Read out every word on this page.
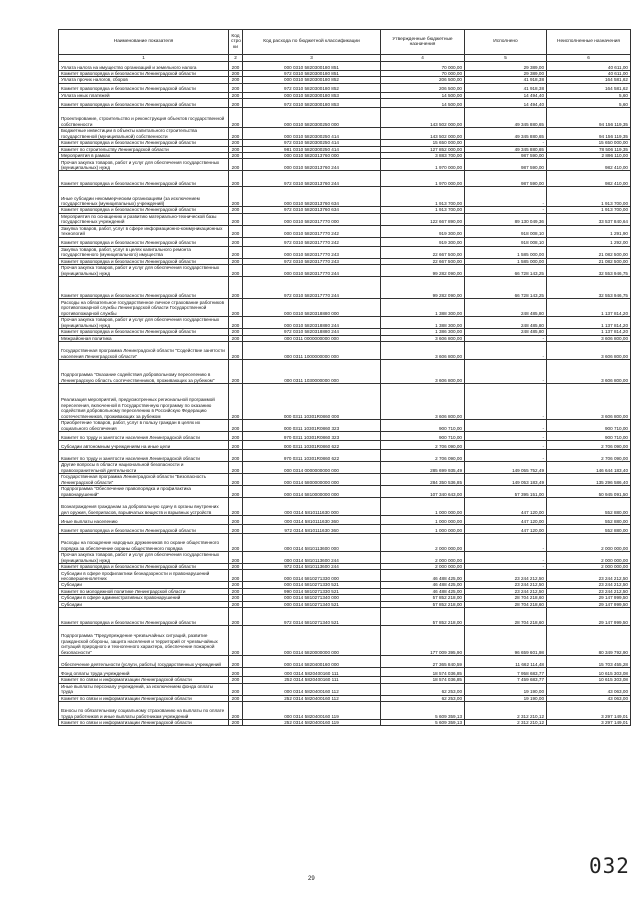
Наименование показателя	Код стро ки	Код расхода по бюджетной классификации	Утвержденные бюджетные назначения	Исполнено	Неисполненные назначения
1	2	3	4	5	6
Уплата налога на имущество организаций и земельного налога	200	000 0310 5820300180 851	70 000,00	29 389,00	40 611,00
Комитет правопорядка и безопасности Ленинградской области	200	972 0310 5820300180 851	70 000,00	29 389,00	40 611,00
Уплата прочих налогов, сборов	200	000 0310 5820300180 852	206 500,00	41 918,38	164 581,62
Комитет правопорядка и безопасности Ленинградской области	200	972 0310 5820300180 852	206 500,00	41 918,38	164 581,62
Уплата иных платежей	200	000 0310 5820300180 853	14 500,00	14 494,40	5,60
Комитет правопорядка и безопасности Ленинградской области	200	972 0310 5820300180 853	14 500,00	14 494,40	5,60
Проектирование, строительство и реконструкция объектов государственной собственности	200	000 0310 5820300250 000	143 502 000,00	49 345 880,65	94 156 119,35
Бюджетные инвестиции в объекты капитального строительства государственной (муниципальной) собственности	200	000 0310 5820300250 414	143 502 000,00	49 345 880,65	94 156 119,35
Комитет правопорядка и безопасности Ленинградской области	200	972 0310 5820300250 414	15 650 000,00	-	15 650 000,00
Комитет по строительству Ленинградской области	200	981 0310 5820300250 414	127 852 000,00	49 345 880,65	78 506 119,35
Мероприятия в рамках	200	000 0310 5820313760 000	3 883 700,00	987 590,00	2 896 110,00
Прочая закупка товаров, работ и услуг для обеспечения государственных (муниципальных) нужд	200	000 0310 5820313760 244	1 970 000,00	987 590,00	982 410,00
Комитет правопорядка и безопасности Ленинградской области	200	972 0310 5820313760 244	1 970 000,00	987 590,00	982 410,00
Иные субсидии некоммерческим организациям (за исключением государственных (муниципальных) учреждений)	200	000 0310 5820313760 634	1 913 700,00	-	1 913 700,00
Комитет правопорядка и безопасности Ленинградской области	200	972 0310 5820313760 634	1 913 700,00	-	1 913 700,00
Мероприятия по оснащению и развитию материально-технической базы государственных учреждений	200	000 0310 5820317770 000	122 667 890,00	89 130 049,36	33 537 840,64
Закупка товаров, работ, услуг в сфере информационно-коммуникационных технологий	200	000 0310 5820317770 242	919 300,00	918 008,10	1 291,90
Комитет правопорядка и безопасности Ленинградской области	200	972 0310 5820317770 242	919 300,00	918 008,10	1 292,00
Закупка товаров, работ, услуг в целях капитального ремонта государственного (муниципального) имущества	200	000 0310 5820317770 243	22 667 500,00	1 585 000,00	21 082 500,00
Комитет правопорядка и безопасности Ленинградской области	200	972 0310 5820317770 243	22 667 500,00	1 585 000,00	21 082 500,00
Прочая закупка товаров, работ и услуг для обеспечения государственных (муниципальных) нужд	200	000 0310 5820317770 244	99 282 090,00	66 728 143,25	32 553 946,75
Комитет правопорядка и безопасности Ленинградской области	200	972 0310 5820317770 244	99 282 090,00	66 728 143,25	32 553 946,75
Расходы на обязательное государственное личное страхование работников противопожарной службы Ленинградской области Государственной противопожарной службы	200	000 0310 5820318880 000	1 388 300,00	248 485,80	1 137 814,20
Прочая закупка товаров, работ и услуг для обеспечения государственных (муниципальных) нужд	200	000 0310 5820318880 244	1 388 300,00	248 485,80	1 137 814,20
Комитет правопорядка и безопасности Ленинградской области	200	972 0310 5820318880 244	1 386 300,00	248 485,80	1 137 814,20
Межрайонная политика	200	000 0311 0000000000 000	3 606 800,00	-	3 606 800,00
Государственная программа Ленинградской области "Содействие занятости населения Ленинградской области"	200	000 0311 1000000000 000	3 606 800,00	-	3 606 800,00
Подпрограмма "Оказание содействия добровольному переселению в Ленинградскую область соотечественников, проживающих за рубежом"	200	000 0311 1030000000 000	3 606 800,00	-	3 606 800,00
Реализация мероприятий, предусмотренных региональной программой переселения, включенной в Государственную программу по оказанию содействия добровольному переселению в Российскую Федерацию соотечественников, проживающих за рубежом	200	000 0311 10301R0860 000	3 606 800,00	-	3 606 800,00
Приобретение товаров, работ, услуг в пользу граждан в целях их социального обеспечения	200	000 0311 10301R0860 323	900 710,00	-	900 710,00
Комитет по труду и занятости населения Ленинградской области	200	970 0311 10301R0860 323	900 710,00	-	900 710,00
Субсидии автономным учреждениям на иные цели	200	000 0311 10301R0860 622	2 706 090,00	-	2 706 090,00
Комитет по труду и занятости населения Ленинградской области	200	970 0311 10301R0860 622	2 706 090,00	-	2 706 090,00
Другие вопросы в области национальной безопасности и правоохранительной деятельности	200	000 0314 0000000000 000	285 699 935,49	149 055 752,49	146 644 183,40
Государственная программа Ленинградской области "Безопасность Ленинградской области"	200	000 0314 5800000000 000	284 350 536,85	149 053 183,49	135 296 586,40
Подпрограмма "Обеспечение правопорядка и профилактика правонарушений"	200	000 0314 5810000000 000	107 340 643,00	57 395 151,00	50 945 091,50
Вознаграждения гражданам за добровольную сдачу в органы внутренних дел оружия, боеприпасов, взрывчатых веществ и взрывных устройств	200	000 0314 5810111630 000	1 000 000,00	447 120,00	552 880,00
Иные выплаты населению	200	000 0314 5810111630 360	1 000 000,00	447 120,00	552 880,00
Комитет правопорядка и безопасности Ленинградской области	200	972 0314 5810111630 360	1 000 000,00	447 120,00	552 880,00
Расходы на поощрение народных дружинников по охране общественного порядка за обеспечение охраны общественного порядка	200	000 0314 5810113600 000	2 000 000,00	-	2 000 000,00
Прочая закупка товаров, работ и услуг для обеспечения государственных (муниципальных) нужд	200	000 0314 5810113600 244	2 000 000,00	-	2 000 000,00
Комитет правопорядка и безопасности Ленинградской области	200	972 0314 5810113600 244	2 000 000,00	-	2 000 000,00
Субсидии в сфере профилактики безнадзорности и правонарушений несовершеннолетних	200	000 0314 5810271330 000	46 488 425,00	23 244 212,50	23 244 212,50
Субсидии	200	000 0314 5810271330 521	46 488 425,00	23 244 212,50	23 244 212,50
Комитет по молодежной политике Ленинградской области	200	990 0314 5810271330 521	46 488 425,00	23 244 212,50	23 244 212,50
Субсидии в сфере административных правонарушений	200	000 0314 5810271340 000	57 852 218,00	28 704 218,60	29 147 999,50
Субсидии	200	000 0314 5810271340 521	57 852 218,00	28 704 218,60	29 147 999,50
Комитет правопорядка и безопасности Ленинградской области	200	972 0314 5810271340 521	57 852 218,00	28 704 218,60	29 147 999,50
Подпрограмма "Предупреждение чрезвычайных ситуаций, развитие гражданской обороны, защита населения и территорий от чрезвычайных ситуаций природного и техногенного характера, обеспечение пожарной безопасности"	200	000 0314 5820000000 000	177 009 395,90	96 659 601,98	80 349 792,90
Обеспечение деятельности (услуги, работы) государственных учреждений	200	000 0314 5820400160 000	27 365 840,59	11 662 114,48	15 703 455,28
Фонд оплаты труда учреждений	200	000 0314 5820400160 111	18 574 036,85	7 958 683,77	10 615 303,08
Комитет по связи и информатизации Ленинградской области	200	252 0314 5820400160 111	18 574 036,85	7 459 683,77	10 615 303,08
Иные выплаты персоналу учреждений, за исключением фонда оплаты труда	200	000 0314 5820400160 112	62 253,00	19 190,00	43 063,00
Комитет по связи и информатизации Ленинградской области	200	252 0314 5820400160 112	62 253,00	19 190,00	43 063,00
Взносы по обязательному социальному страхованию на выплаты по оплате труда работников и иные выплаты работникам учреждений	200	000 0314 5820400160 119	5 609 359,13	2 312 210,12	3 297 149,01
Комитет по связи и информатизации Ленинградской области	200	252 0314 5820400160 119	5 609 359,13	2 312 210,12	3 297 149,01
29
032
